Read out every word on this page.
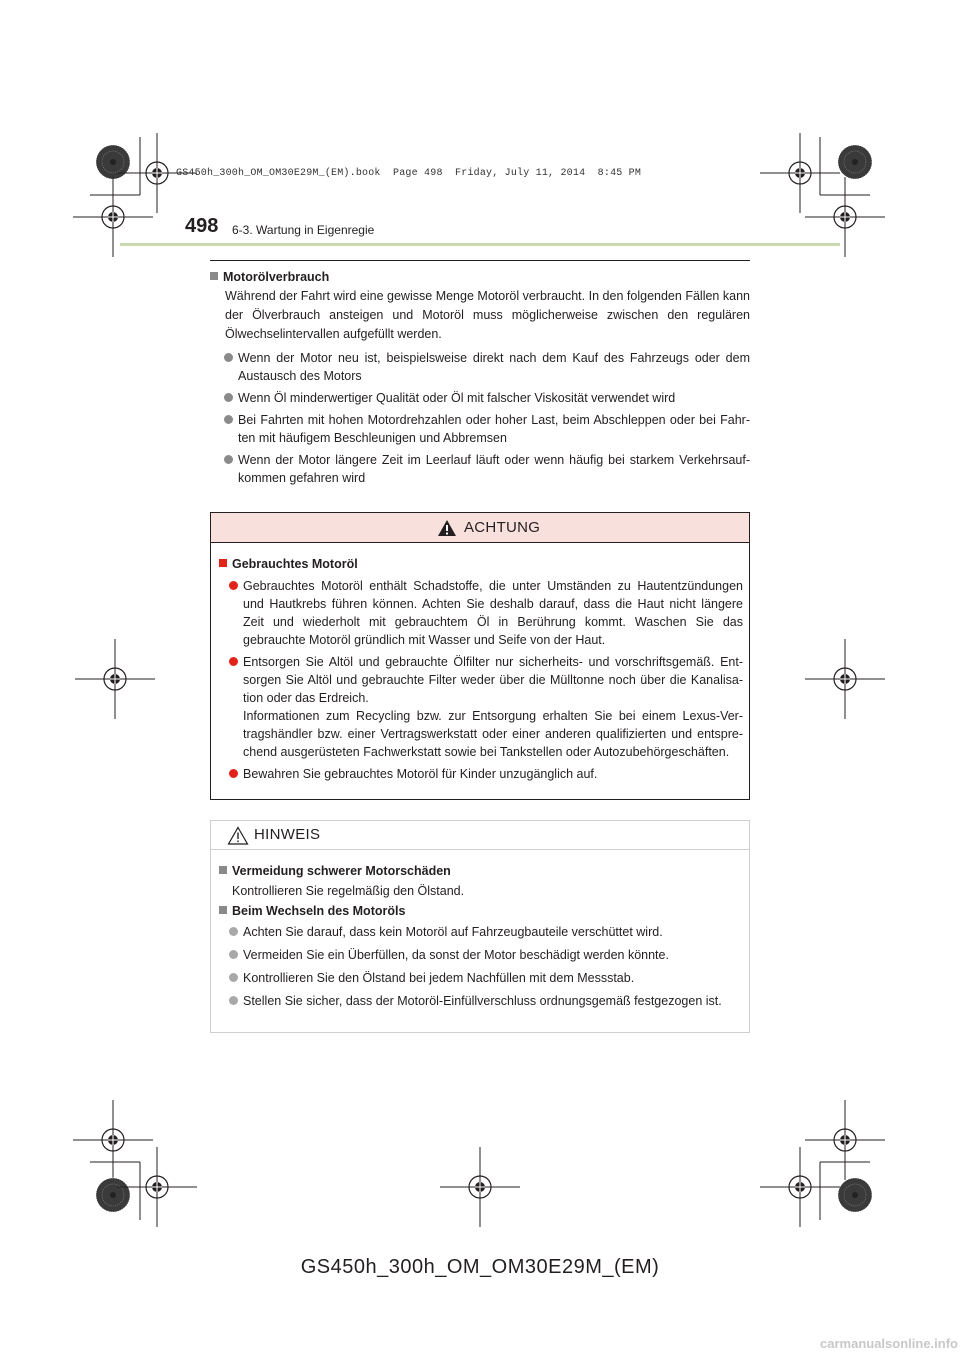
GS450h_300h_OM_OM30E29M_(EM).book  Page 498  Friday, July 11, 2014  8:45 PM
498 6-3. Wartung in Eigenregie
Motorölverbrauch
Während der Fahrt wird eine gewisse Menge Motoröl verbraucht. In den folgenden Fällen kann der Ölverbrauch ansteigen und Motoröl muss möglicherweise zwischen den regulären Ölwechselintervallen aufgefüllt werden.
Wenn der Motor neu ist, beispielsweise direkt nach dem Kauf des Fahrzeugs oder dem Austausch des Motors
Wenn Öl minderwertiger Qualität oder Öl mit falscher Viskosität verwendet wird
Bei Fahrten mit hohen Motordrehzahlen oder hoher Last, beim Abschleppen oder bei Fahr-ten mit häufigem Beschleunigen und Abbremsen
Wenn der Motor längere Zeit im Leerlauf läuft oder wenn häufig bei starkem Verkehrsauf-kommen gefahren wird
ACHTUNG
Gebrauchtes Motoröl
Gebrauchtes Motoröl enthält Schadstoffe, die unter Umständen zu Hautentzündungen und Hautkrebs führen können. Achten Sie deshalb darauf, dass die Haut nicht längere Zeit und wiederholt mit gebrauchtem Öl in Berührung kommt. Waschen Sie das gebrauchte Motoröl gründlich mit Wasser und Seife von der Haut.
Entsorgen Sie Altöl und gebrauchte Ölfilter nur sicherheits- und vorschriftsgemäß. Ent-sorgen Sie Altöl und gebrauchte Filter weder über die Mülltonne noch über die Kanalisa-tion oder das Erdreich.
Informationen zum Recycling bzw. zur Entsorgung erhalten Sie bei einem Lexus-Ver-tragshändler bzw. einer Vertragswerkstatt oder einer anderen qualifizierten und entspre-chend ausgerüsteten Fachwerkstatt sowie bei Tankstellen oder Autozubehörgeschäften.
Bewahren Sie gebrauchtes Motoröl für Kinder unzugänglich auf.
HINWEIS
Vermeidung schwerer Motorschäden
Kontrollieren Sie regelmäßig den Ölstand.
Beim Wechseln des Motoröls
Achten Sie darauf, dass kein Motoröl auf Fahrzeugbauteile verschüttet wird.
Vermeiden Sie ein Überfüllen, da sonst der Motor beschädigt werden könnte.
Kontrollieren Sie den Ölstand bei jedem Nachfüllen mit dem Messstab.
Stellen Sie sicher, dass der Motoröl-Einfüllverschluss ordnungsgemäß festgezogen ist.
GS450h_300h_OM_OM30E29M_(EM)
carmanualsonline.info
